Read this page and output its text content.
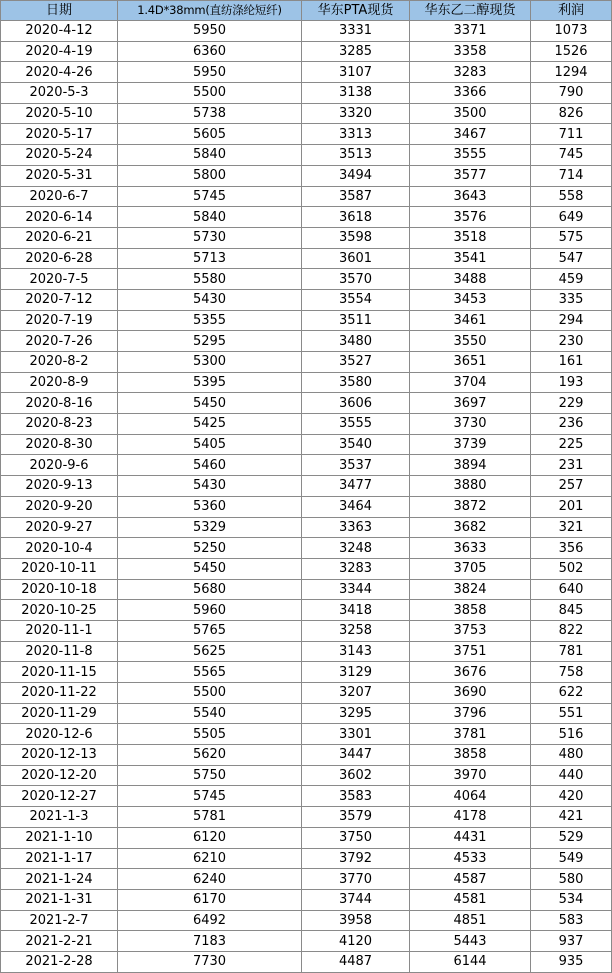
日期	1.4D*38mm(直纺涤纶短纤)	华东PTA现货	华东乙二醇现货	利润
2020-4-12	5950	3331	3371	1073
2020-4-19	6360	3285	3358	1526
2020-4-26	5950	3107	3283	1294
2020-5-3	5500	3138	3366	790
2020-5-10	5738	3320	3500	826
2020-5-17	5605	3313	3467	711
2020-5-24	5840	3513	3555	745
2020-5-31	5800	3494	3577	714
2020-6-7	5745	3587	3643	558
2020-6-14	5840	3618	3576	649
2020-6-21	5730	3598	3518	575
2020-6-28	5713	3601	3541	547
2020-7-5	5580	3570	3488	459
2020-7-12	5430	3554	3453	335
2020-7-19	5355	3511	3461	294
2020-7-26	5295	3480	3550	230
2020-8-2	5300	3527	3651	161
2020-8-9	5395	3580	3704	193
2020-8-16	5450	3606	3697	229
2020-8-23	5425	3555	3730	236
2020-8-30	5405	3540	3739	225
2020-9-6	5460	3537	3894	231
2020-9-13	5430	3477	3880	257
2020-9-20	5360	3464	3872	201
2020-9-27	5329	3363	3682	321
2020-10-4	5250	3248	3633	356
2020-10-11	5450	3283	3705	502
2020-10-18	5680	3344	3824	640
2020-10-25	5960	3418	3858	845
2020-11-1	5765	3258	3753	822
2020-11-8	5625	3143	3751	781
2020-11-15	5565	3129	3676	758
2020-11-22	5500	3207	3690	622
2020-11-29	5540	3295	3796	551
2020-12-6	5505	3301	3781	516
2020-12-13	5620	3447	3858	480
2020-12-20	5750	3602	3970	440
2020-12-27	5745	3583	4064	420
2021-1-3	5781	3579	4178	421
2021-1-10	6120	3750	4431	529
2021-1-17	6210	3792	4533	549
2021-1-24	6240	3770	4587	580
2021-1-31	6170	3744	4581	534
2021-2-7	6492	3958	4851	583
2021-2-21	7183	4120	5443	937
2021-2-28	7730	4487	6144	935
